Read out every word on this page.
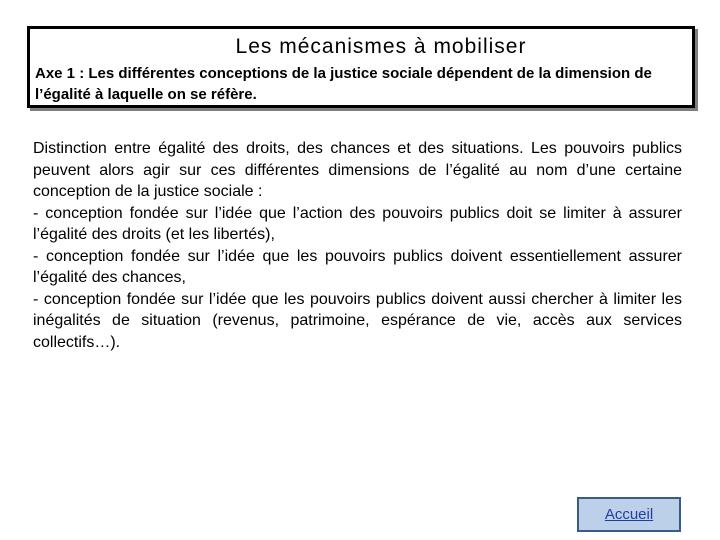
Les mécanismes à mobiliser
Axe 1 : Les différentes conceptions de la justice sociale dépendent de la dimension de l’égalité à laquelle on se réfère.

Distinction entre égalité des droits, des chances et des situations. Les pouvoirs publics peuvent alors agir sur ces différentes dimensions de l’égalité au nom d’une certaine conception de la justice sociale :

- conception fondée sur l’idée que l’action des pouvoirs publics doit se limiter à assurer l’égalité des droits (et les libertés),

- conception fondée sur l’idée que les pouvoirs publics doivent essentiellement assurer l’égalité des chances,

- conception fondée sur l’idée que les pouvoirs publics doivent aussi chercher à limiter les inégalités de situation (revenus, patrimoine, espérance de vie, accès aux services collectifs…).

Accueil
